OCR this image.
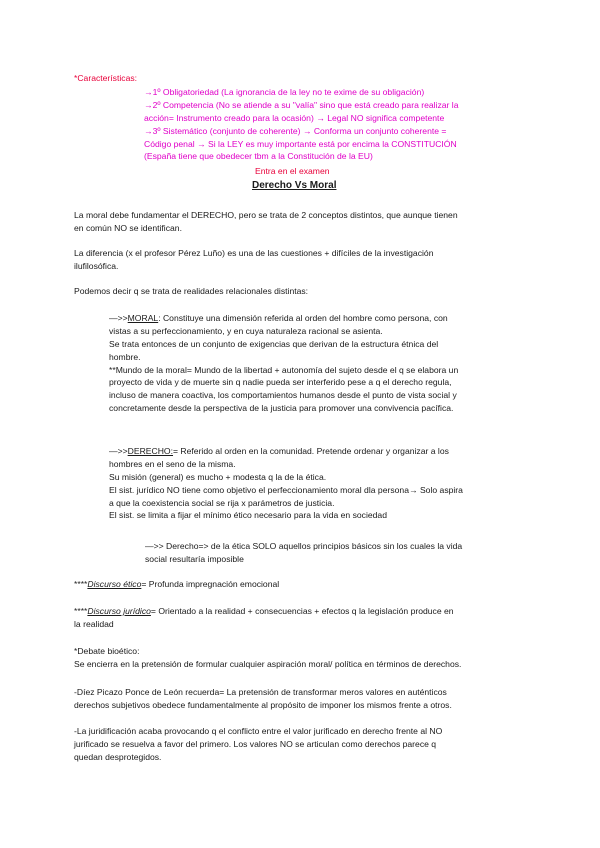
*Características:
→1º Obligatoriedad (La ignorancia de la ley no te exime de su obligación)
→2º Competencia (No se atiende a su "valía" sino que está creado para realizar la
acción= Instrumento creado para la ocasión) → Legal NO significa competente
→3º Sistemático (conjunto de coherente) → Conforma un conjunto coherente =
Código penal → Si la LEY es muy importante está por encima la CONSTITUCIÓN
(España tiene que obedecer tbm a la Constitución de la EU)
Entra en el examen
Derecho Vs Moral
La moral debe fundamentar el DERECHO, pero se trata de 2 conceptos distintos, que aunque tienen
en común NO se identifican.
La diferencia (x el profesor Pérez Luño) es una de las cuestiones + difíciles de la investigación
ilufilosófica.
Podemos decir q se trata de realidades relacionales distintas:
—>>MORAL: Constituye una dimensión referida al orden del hombre como persona, con
vistas a su perfeccionamiento, y en cuya naturaleza racional se asienta.
Se trata entonces de un conjunto de exigencias que derivan de la estructura étnica del
hombre.
**Mundo de la moral= Mundo de la libertad + autonomía del sujeto desde el q se elabora un
proyecto de vida y de muerte sin q nadie pueda ser interferido pese a q el derecho regula,
incluso de manera coactiva, los comportamientos humanos desde el punto de vista social y
concretamente desde la perspectiva de la justicia para promover una convivencia pacífica.
—>>DERECHO:= Referido al orden en la comunidad. Pretende ordenar y organizar a los
hombres en el seno de la misma.
Su misión (general) es mucho + modesta q la de la ética.
El sist. jurídico NO tiene como objetivo el perfeccionamiento moral dla persona→ Solo aspira
a que la coexistencia social se rija x parámetros de justicia.
El sist. se limita a fijar el mínimo ético necesario para la vida en sociedad
—>> Derecho=> de la ética SOLO aquellos principios básicos sin los cuales la vida
social resultaría imposible
****Discurso ético= Profunda impregnación emocional
****Discurso jurídico= Orientado a la realidad + consecuencias + efectos q la legislación produce en
la realidad
*Debate bioético:
Se encierra en la pretensión de formular cualquier aspiración moral/ política en términos de derechos.
-Díez Picazo Ponce de León recuerda= La pretensión de transformar meros valores en auténticos
derechos subjetivos obedece fundamentalmente al propósito de imponer los mismos frente a otros.
-La juridificación acaba provocando q el conflicto entre el valor jurificado en derecho frente al NO
jurificado se resuelva a favor del primero. Los valores NO se articulan como derechos parece q
quedan desprotegidos.
